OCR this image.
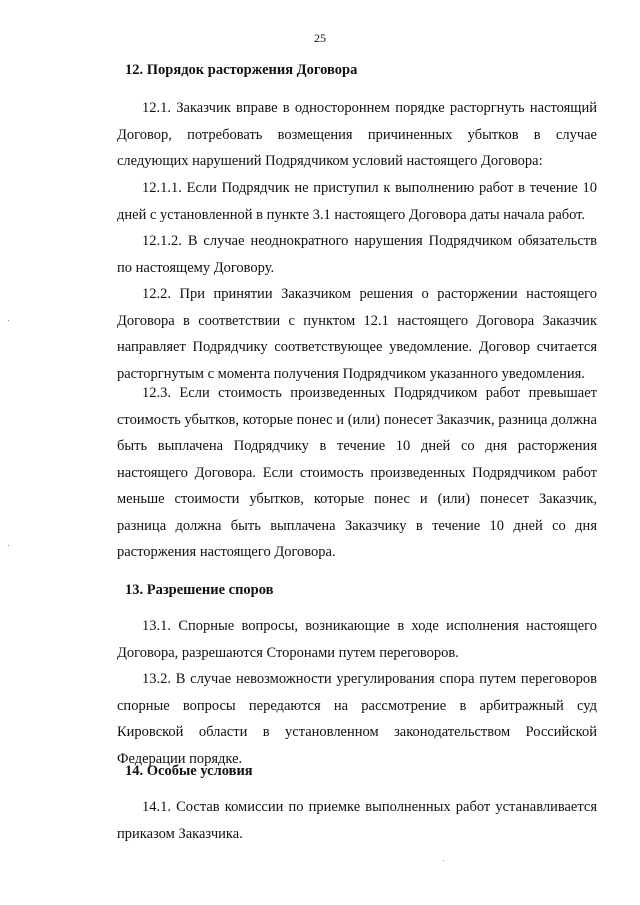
25
12. Порядок расторжения Договора

12.1. Заказчик вправе в одностороннем порядке расторгнуть настоящий Договор, потребовать возмещения причиненных убытков в случае следующих нарушений Подрядчиком условий настоящего Договора:

12.1.1. Если Подрядчик не приступил к выполнению работ в течение 10 дней с установленной в пункте 3.1 настоящего Договора даты начала работ.

12.1.2. В случае неоднократного нарушения Подрядчиком обязательств по настоящему Договору.

12.2. При принятии Заказчиком решения о расторжении настоящего Договора в соответствии с пунктом 12.1 настоящего Договора Заказчик направляет Подрядчику соответствующее уведомление. Договор считается расторгнутым с момента получения Подрядчиком указанного уведомления.

12.3. Если стоимость произведенных Подрядчиком работ превышает стоимость убытков, которые понес и (или) понесет Заказчик, разница должна быть выплачена Подрядчику в течение 10 дней со дня расторжения настоящего Договора. Если стоимость произведенных Подрядчиком работ меньше стоимости убытков, которые понес и (или) понесет Заказчик, разница должна быть выплачена Заказчику в течение 10 дней со дня расторжения настоящего Договора.

13. Разрешение споров

13.1. Спорные вопросы, возникающие в ходе исполнения настоящего Договора, разрешаются Сторонами путем переговоров.

13.2. В случае невозможности урегулирования спора путем переговоров спорные вопросы передаются на рассмотрение в арбитражный суд Кировской области в установленном законодательством Российской Федерации порядке.

14. Особые условия

14.1. Состав комиссии по приемке выполненных работ устанавливается приказом Заказчика.
